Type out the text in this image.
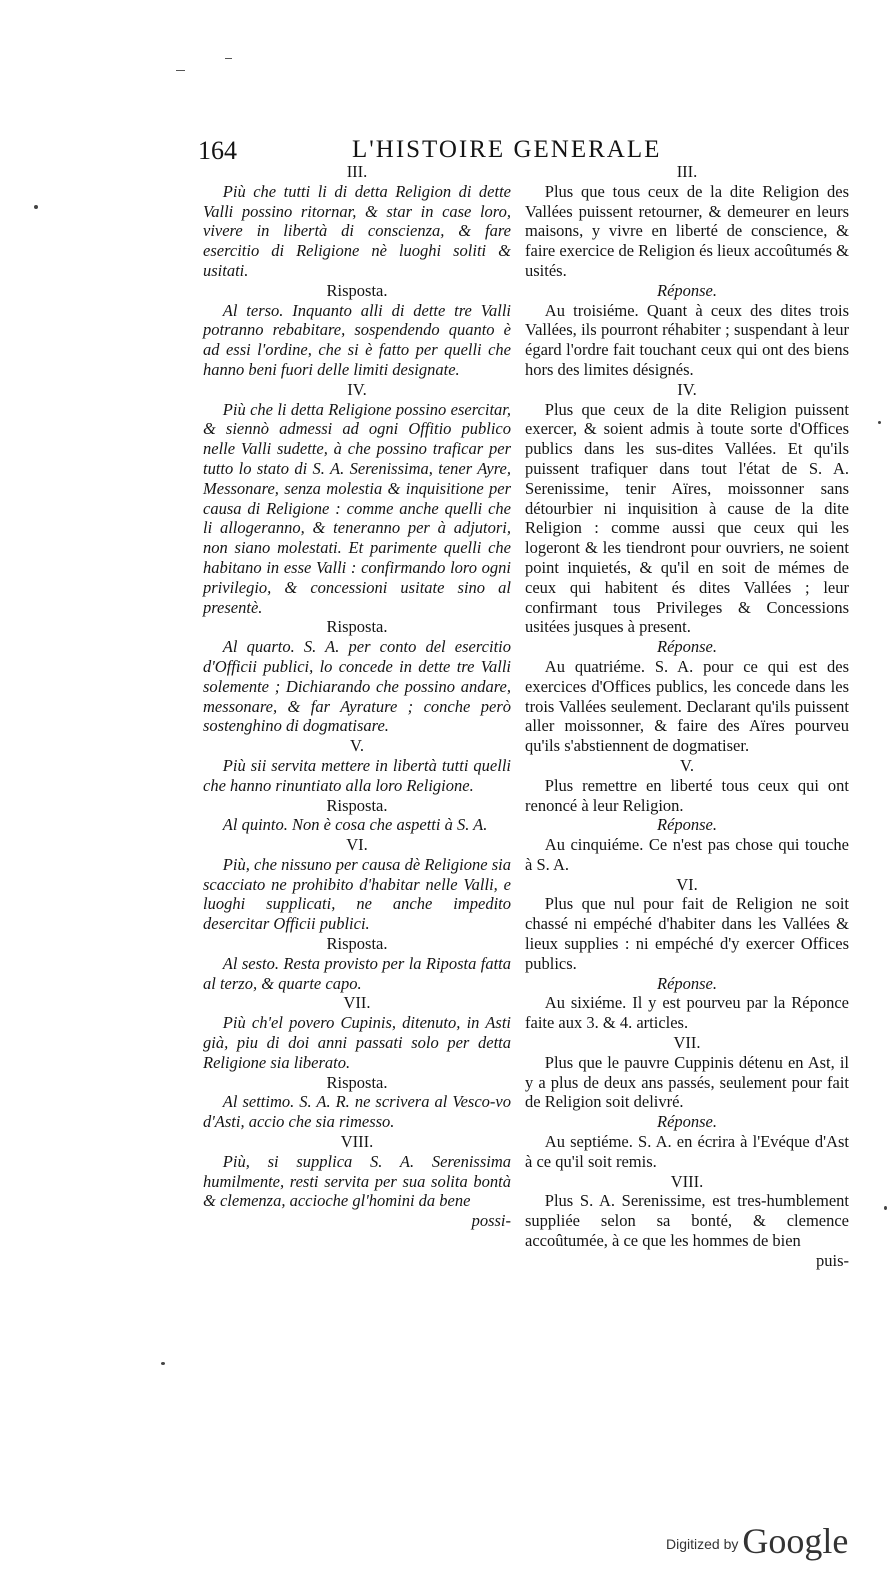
164	L'HISTOIRE GENERALE

III.

Più che tutti li di detta Religion di dette Valli possino ritornar, & star in case loro, vivere in libertà di conscienza, & fare esercitio di Religione nè luoghi soliti & usitati.

Risposta.

Al terso. Inquanto alli di dette tre Valli potranno rebabitare, sospendendo quanto è ad essi l'ordine, che si è fatto per quelli che hanno beni fuori delle limiti designate.

IV.

Più che li detta Religione possino esercitar, & siennò admessi ad ogni Offitio publico nelle Valli sudette, à che possino traficar per tutto lo stato di S. A. Serenissima, tener Ayre, Messonare, senza molestia & inquisitione per causa di Religione : comme anche quelli che li allogeranno, & teneranno per à adjutori, non siano molestati. Et parimente quelli che habitano in esse Valli : confirmando loro ogni privilegio, & concessioni usitate sino al presentè.

Risposta.

Al quarto. S. A. per conto del esercitio d'Officii publici, lo concede in dette tre Valli solemente ; Dichiarando che possino andare, messonare, & far Ayrature ; conche però sostenghino di dogmatisare.

V.

Più sii servita mettere in libertà tutti quelli che hanno rinuntiato alla loro Religione.

Risposta.

Al quinto. Non è cosa che aspetti à S. A.

VI.

Più, che nissuno per causa dè Religione sia scacciato ne prohibito d'habitar nelle Valli, e luoghi supplicati, ne anche impedito desercitar Officii publici.

Risposta.

Al sesto. Resta provisto per la Riposta fatta al terzo, & quarte capo.

VII.

Più ch'el povero Cupinis, ditenuto, in Asti già, piu di doi anni passati solo per detta Religione sia liberato.

Risposta.

Al settimo. S. A. R. ne scrivera al Vesco-vo d'Asti, accio che sia rimesso.

VIII.

Più, si supplica S. A. Serenissima humilmente, resti servita per sua solita bontà & clemenza, accioche gl'homini da bene

possi-

III.

Plus que tous ceux de la dite Religion des Vallées puissent retourner, & demeurer en leurs maisons, y vivre en liberté de conscience, & faire exercice de Religion és lieux accoûtumés & usités.

Réponse.

Au troisiéme. Quant à ceux des dites trois Vallées, ils pourront réhabiter ; suspendant à leur égard l'ordre fait touchant ceux qui ont des biens hors des limites désignés.

IV.

Plus que ceux de la dite Religion puissent exercer, & soient admis à toute sorte d'Offices publics dans les sus-dites Vallées. Et qu'ils puissent trafiquer dans tout l'état de S. A. Serenissime, tenir Aïres, moissonner sans détourbier ni inquisition à cause de la dite Religion : comme aussi que ceux qui les logeront & les tiendront pour ouvriers, ne soient point inquietés, & qu'il en soit de mémes de ceux qui habitent és dites Vallées ; leur confirmant tous Privileges & Concessions usitées jusques à present.

Réponse.

Au quatriéme. S. A. pour ce qui est des exercices d'Offices publics, les concede dans les trois Vallées seulement. Declarant qu'ils puissent aller moissonner, & faire des Aïres pourveu qu'ils s'abstiennent de dogmatiser.

V.

Plus remettre en liberté tous ceux qui ont renoncé à leur Religion.

Réponse.

Au cinquiéme. Ce n'est pas chose qui touche à S. A.

VI.

Plus que nul pour fait de Religion ne soit chassé ni empéché d'habiter dans les Vallées & lieux supplies : ni empéché d'y exercer Offices publics.

Réponse.

Au sixiéme. Il y est pourveu par la Réponce faite aux 3. & 4. articles.

VII.

Plus que le pauvre Cuppinis détenu en Ast, il y a plus de deux ans passés, seulement pour fait de Religion soit delivré.

Réponse.

Au septiéme. S. A. en écrira à l'Evéque d'Ast à ce qu'il soit remis.

VIII.

Plus S. A. Serenissime, est tres-humblement suppliée selon sa bonté, & clemence accoûtumée, à ce que les hommes de bien

puis-

Digitized by Google
